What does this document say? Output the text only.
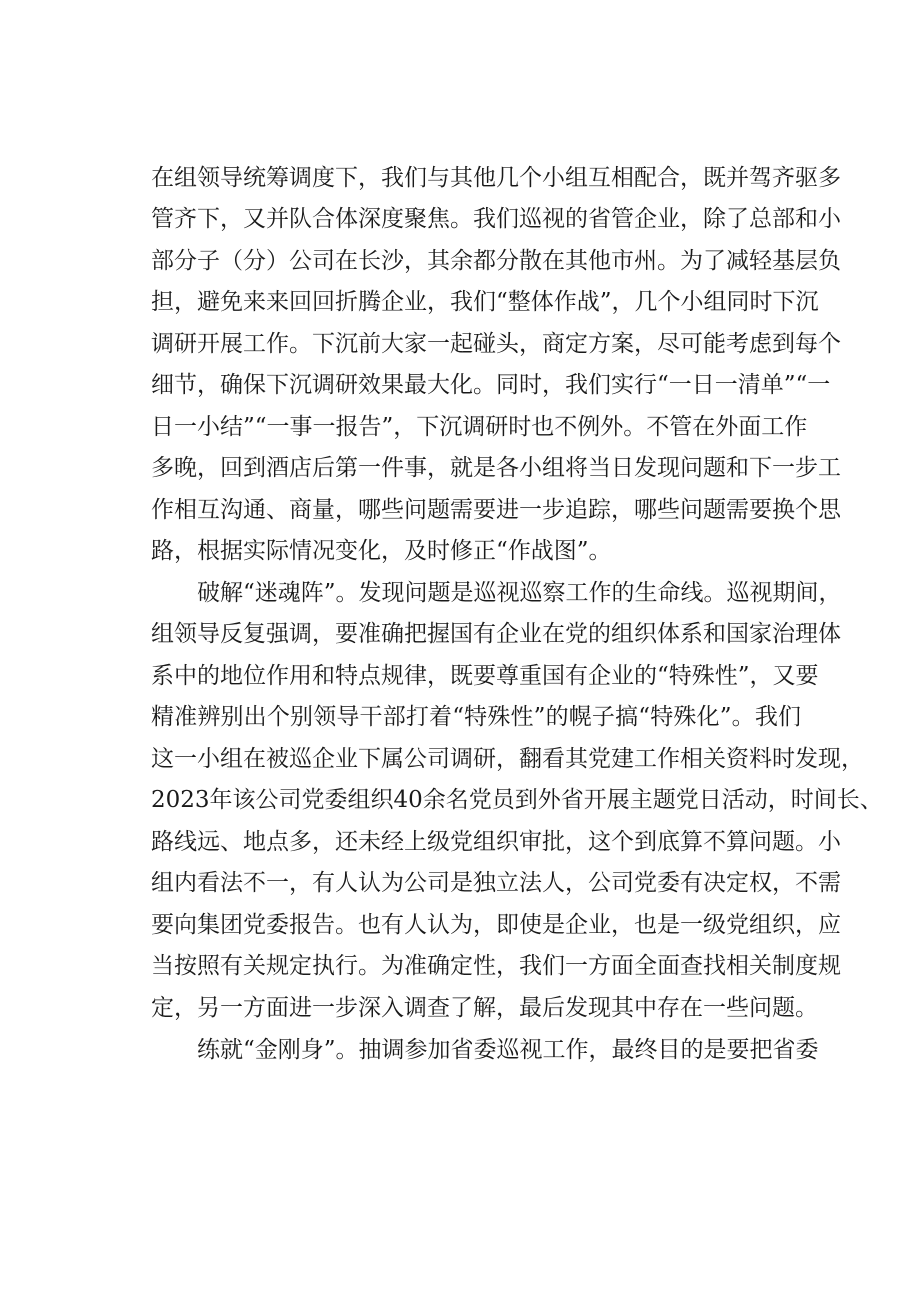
在组领导统筹调度下，我们与其他几个小组互相配合，既并驾齐驱多
管齐下，又并队合体深度聚焦。我们巡视的省管企业，除了总部和小
部分子（分）公司在长沙，其余都分散在其他市州。为了减轻基层负
担，避免来来回回折腾企业，我们“整体作战”，几个小组同时下沉
调研开展工作。下沉前大家一起碰头，商定方案，尽可能考虑到每个
细节，确保下沉调研效果最大化。同时，我们实行“一日一清单”“一
日一小结”“一事一报告”，下沉调研时也不例外。不管在外面工作
多晚，回到酒店后第一件事，就是各小组将当日发现问题和下一步工
作相互沟通、商量，哪些问题需要进一步追踪，哪些问题需要换个思
路，根据实际情况变化，及时修正“作战图”。
破解“迷魂阵”。发现问题是巡视巡察工作的生命线。巡视期间，
组领导反复强调，要准确把握国有企业在党的组织体系和国家治理体
系中的地位作用和特点规律，既要尊重国有企业的“特殊性”，又要
精准辨别出个别领导干部打着“特殊性”的幌子搞“特殊化”。我们
这一小组在被巡企业下属公司调研，翻看其党建工作相关资料时发现，
2023年该公司党委组织40余名党员到外省开展主题党日活动，时间长、
路线远、地点多，还未经上级党组织审批，这个到底算不算问题。小
组内看法不一，有人认为公司是独立法人，公司党委有决定权，不需
要向集团党委报告。也有人认为，即使是企业，也是一级党组织，应
当按照有关规定执行。为准确定性，我们一方面全面查找相关制度规
定，另一方面进一步深入调查了解，最后发现其中存在一些问题。
练就“金刚身”。抽调参加省委巡视工作，最终目的是要把省委
